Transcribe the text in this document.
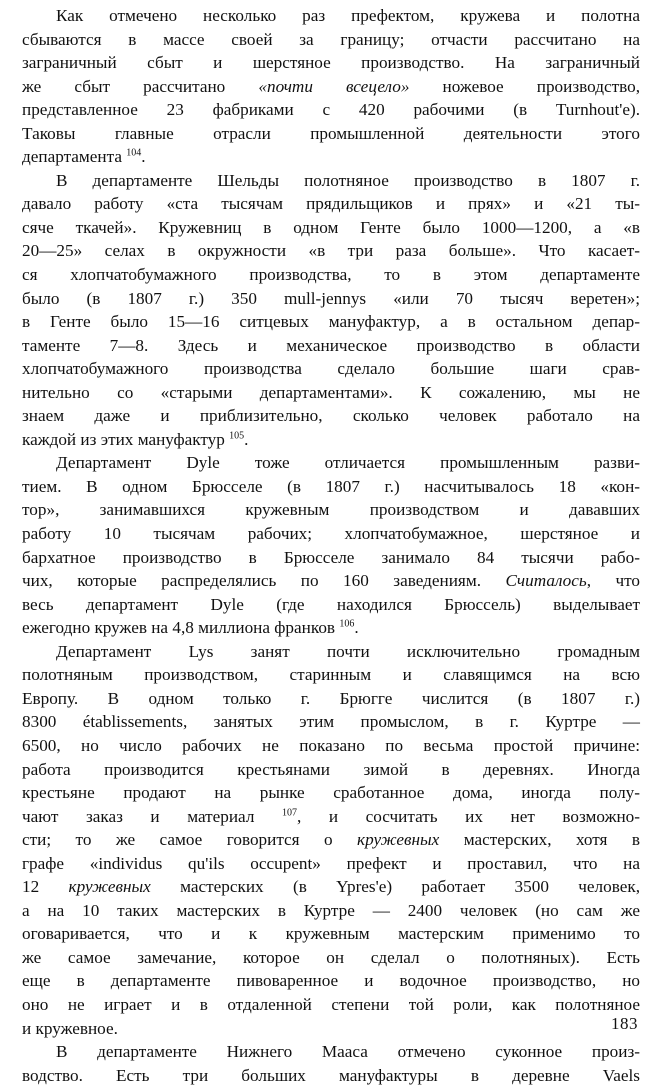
Как отмечено несколько раз префектом, кружева и полотна
сбываются в массе своей за границу; отчасти рассчитано на
заграничный сбыт и шерстяное производство. На заграничный
же сбыт рассчитано «почти всецело» ножевое производство,
представленное 23 фабриками с 420 рабочими (в Turnhout'e).
Таковы главные отрасли промышленной деятельности этого
департамента $^{104}$.

В департаменте Шельды полотняное производство в 1807 г.
давало работу «ста тысячам прядильщиков и прях» и «21 ты-
сяче ткачей». Кружевниц в одном Генте было 1000—1200, а «в
20—25» селах в окружности «в три раза больше». Что касает-
ся хлопчатобумажного производства, то в этом департаменте
было (в 1807 г.) 350 mull-jennys «или 70 тысяч веретен»;
в Генте было 15—16 ситцевых мануфактур, а в остальном депар-
таменте 7—8. Здесь и механическое производство в области
хлопчатобумажного производства сделало большие шаги срав-
нительно со «старыми департаментами». К сожалению, мы не
знаем даже и приблизительно, сколько человек работало на
каждой из этих мануфактур $^{105}$.

Департамент Dyle тоже отличается промышленным разви-
тием. В одном Брюсселе (в 1807 г.) насчитывалось 18 «кон-
тор», занимавшихся кружевным производством и дававших
работу 10 тысячам рабочих; хлопчатобумажное, шерстяное и
бархатное производство в Брюсселе занимало 84 тысячи рабо-
чих, которые распределялись по 160 заведениям. Считалось, что
весь департамент Dyle (где находился Брюссель) выделывает
ежегодно кружев на 4,8 миллиона франков $^{106}$.

Департамент Lys занят почти исключительно громадным
полотняным производством, старинным и славящимся на всю
Европу. В одном только г. Брюгге числится (в 1807 г.)
8300 établissements, занятых этим промыслом, в г. Куртре —
6500, но число рабочих не показано по весьма простой причине:
работа производится крестьянами зимой в деревнях. Иногда
крестьяне продают на рынке сработанное дома, иногда полу-
чают заказ и материал	$^{107}$, и сосчитать их нет возможно-
сти; то же самое говорится о кружевных мастерских, хотя в
графе «individus qu'ils occupent» префект и проставил, что на
12 кружевных мастерских (в Ypres'e) работает 3500 человек,
а на 10 таких мастерских в Куртре — 2400 человек (но сам же
оговаривается, что и к кружевным мастерским применимо то
же самое замечание, которое он сделал о полотняных). Есть
еще в департаменте пивоваренное и водочное производство, но
оно не играет и в отдаленной степени той роли, как полотняное
и кружевное.

В департаменте Нижнего Мааса отмечено суконное произ-
водство. Есть три больших мануфактуры в деревне Vaels

183
